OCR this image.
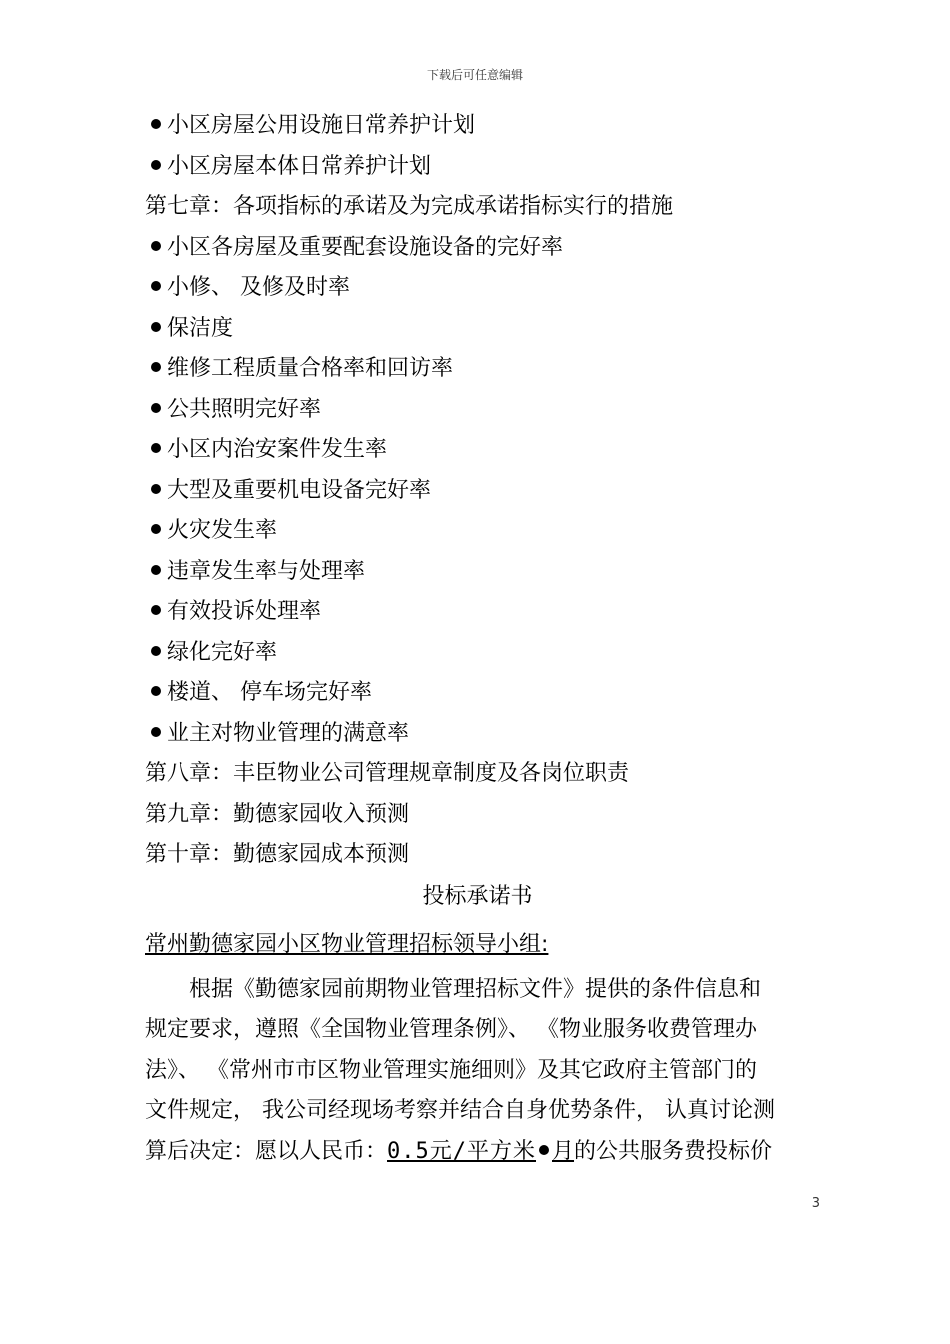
下载后可任意编辑
小区房屋公用设施日常养护计划
小区房屋本体日常养护计划
第七章：各项指标的承诺及为完成承诺指标实行的措施
小区各房屋及重要配套设施设备的完好率
小修、 及修及时率
保洁度
维修工程质量合格率和回访率
公共照明完好率
小区内治安案件发生率
大型及重要机电设备完好率
火灾发生率
违章发生率与处理率
有效投诉处理率
绿化完好率
楼道、 停车场完好率
业主对物业管理的满意率
第八章：丰臣物业公司管理规章制度及各岗位职责
第九章：勤德家园收入预测
第十章：勤德家园成本预测
投标承诺书
常州勤德家园小区物业管理招标领导小组:
根据《勤德家园前期物业管理招标文件》提供的条件信息和
规定要求，遵照《全国物业管理条例》、 《物业服务收费管理办
法》、 《常州市市区物业管理实施细则》及其它政府主管部门的
文件规定， 我公司经现场考察并结合自身优势条件， 认真讨论测
算后决定：愿以人民币：0.5元/平方米 月的公共服务费投标价
3
